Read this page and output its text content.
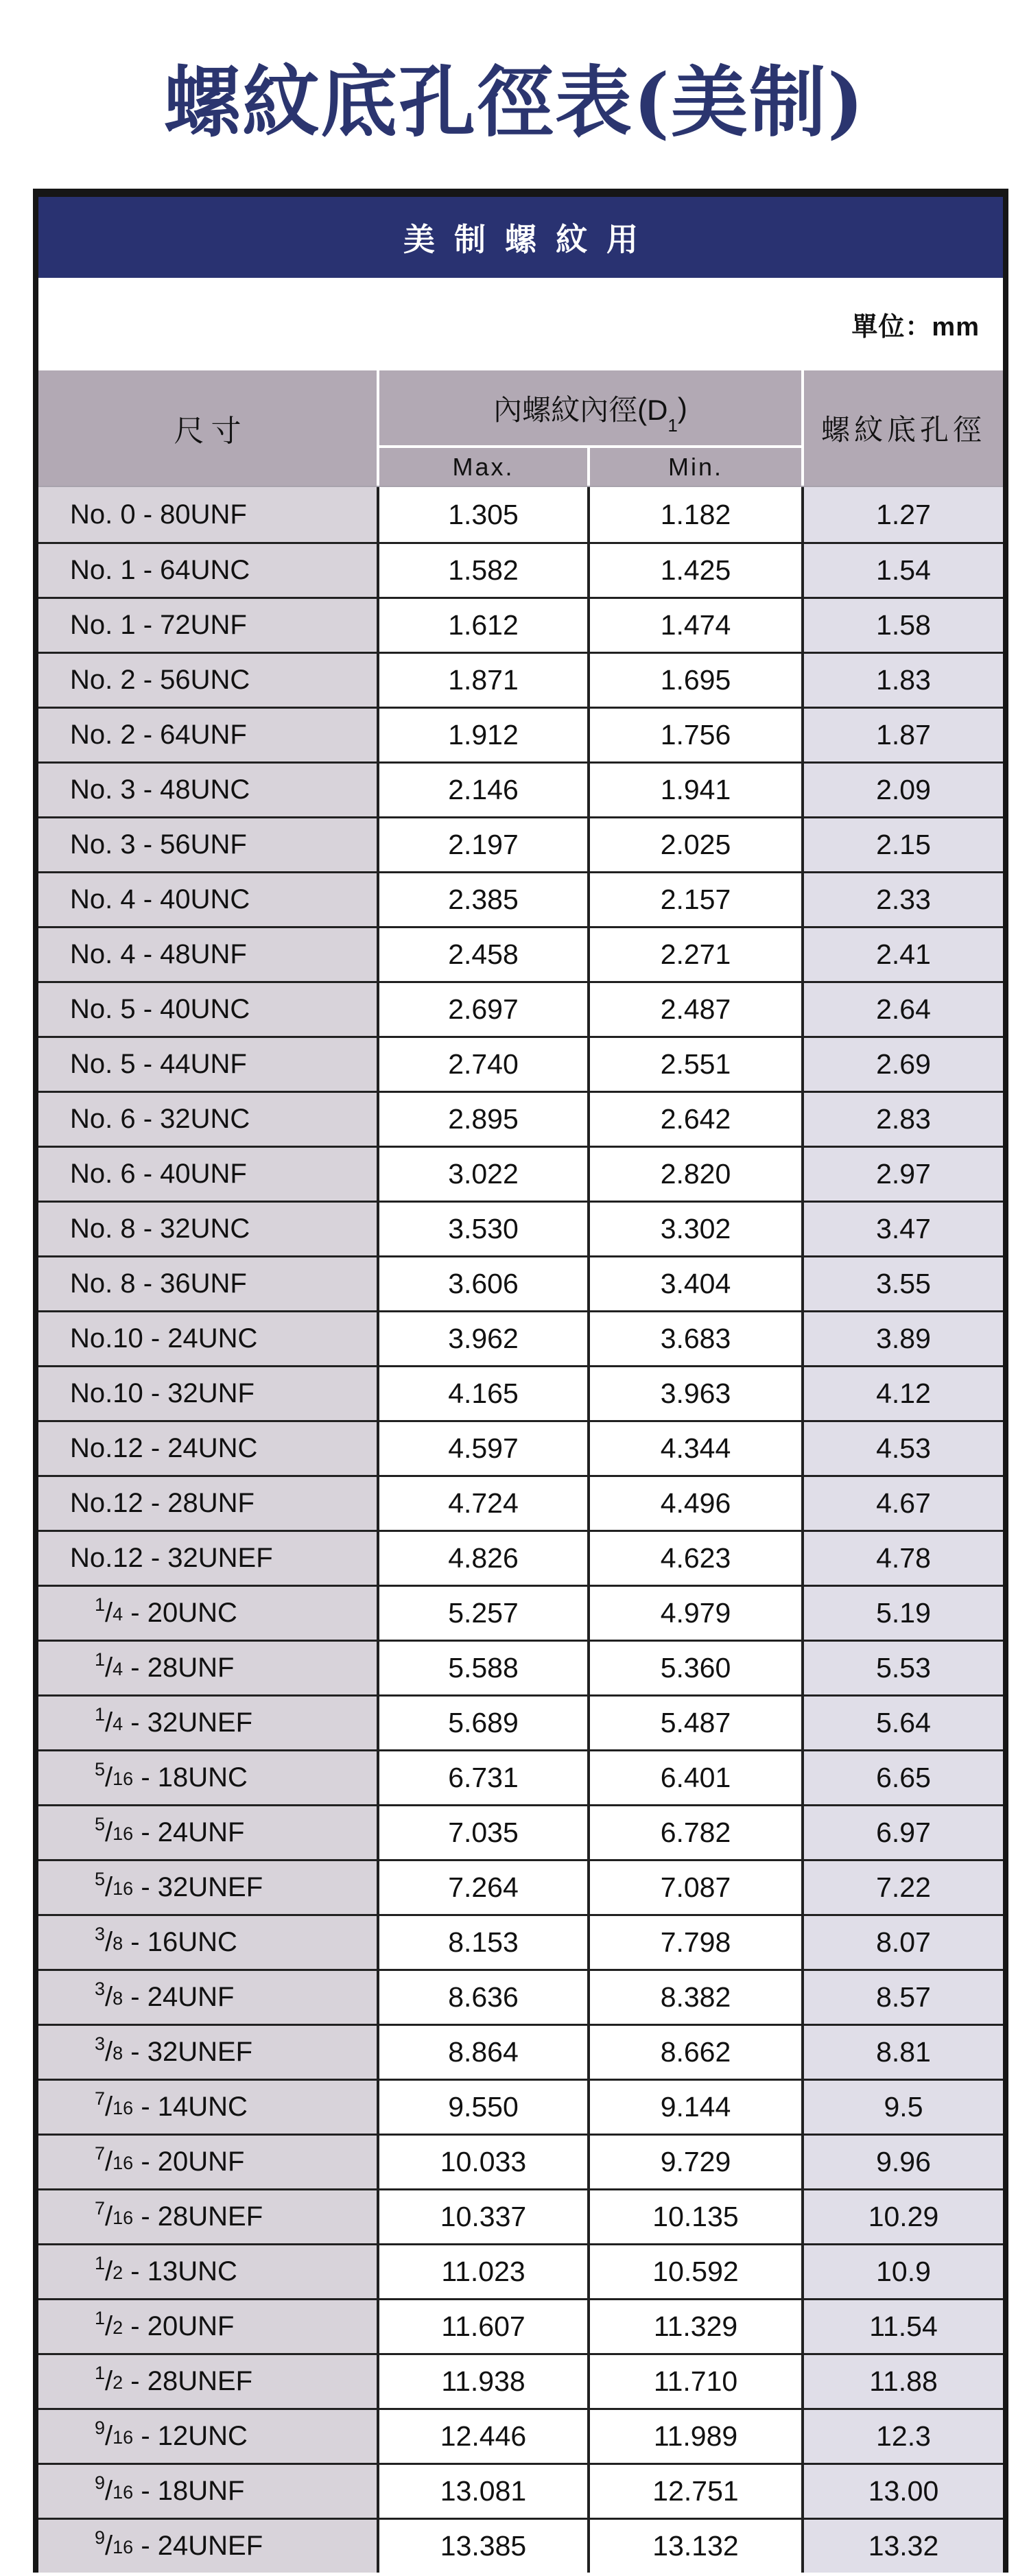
螺紋底孔徑表(美制)
美制螺紋用
單位：mm
尺寸
內螺紋內徑(D 1
)
Max.	Min.
螺紋底孔徑
No. 0 - 80UNF	1.305	1.182	1.27
No. 1 - 64UNC	1.582	1.425	1.54
No. 1 - 72UNF	1.612	1.474	1.58
No. 2 - 56UNC	1.871	1.695	1.83
No. 2 - 64UNF	1.912	1.756	1.87
No. 3 - 48UNC	2.146	1.941	2.09
No. 3 - 56UNF	2.197	2.025	2.15
No. 4 - 40UNC	2.385	2.157	2.33
No. 4 - 48UNF	2.458	2.271	2.41
No. 5 - 40UNC	2.697	2.487	2.64
No. 5 - 44UNF	2.740	2.551	2.69
No. 6 - 32UNC	2.895	2.642	2.83
No. 6 - 40UNF	3.022	2.820	2.97
No. 8 - 32UNC	3.530	3.302	3.47
No. 8 - 36UNF	3.606	3.404	3.55
No.10 - 24UNC	3.962	3.683	3.89
No.10 - 32UNF	4.165	3.963	4.12
No.12 - 24UNC	4.597	4.344	4.53
No.12 - 28UNF	4.724	4.496	4.67
No.12 - 32UNEF	4.826	4.623	4.78
1 / 4 - 20UNC	5.257	4.979	5.19
1 / 4 - 28UNF	5.588	5.360	5.53
1 / 4 - 32UNEF	5.689	5.487	5.64
5 / 16 - 18UNC	6.731	6.401	6.65
5 / 16 - 24UNF	7.035	6.782	6.97
5 / 16 - 32UNEF	7.264	7.087	7.22
3 / 8 - 16UNC	8.153	7.798	8.07
3 / 8 - 24UNF	8.636	8.382	8.57
3 / 8 - 32UNEF	8.864	8.662	8.81
7 / 16 - 14UNC	9.550	9.144	9.5
7 / 16 - 20UNF	10.033	9.729	9.96
7 / 16 - 28UNEF	10.337	10.135	10.29
1 / 2 - 13UNC	11.023	10.592	10.9
1 / 2 - 20UNF	11.607	11.329	11.54
1 / 2 - 28UNEF	11.938	11.710	11.88
9 / 16 - 12UNC	12.446	11.989	12.3
9 / 16 - 18UNF	13.081	12.751	13.00
9 / 16 - 24UNEF	13.385	13.132	13.32
